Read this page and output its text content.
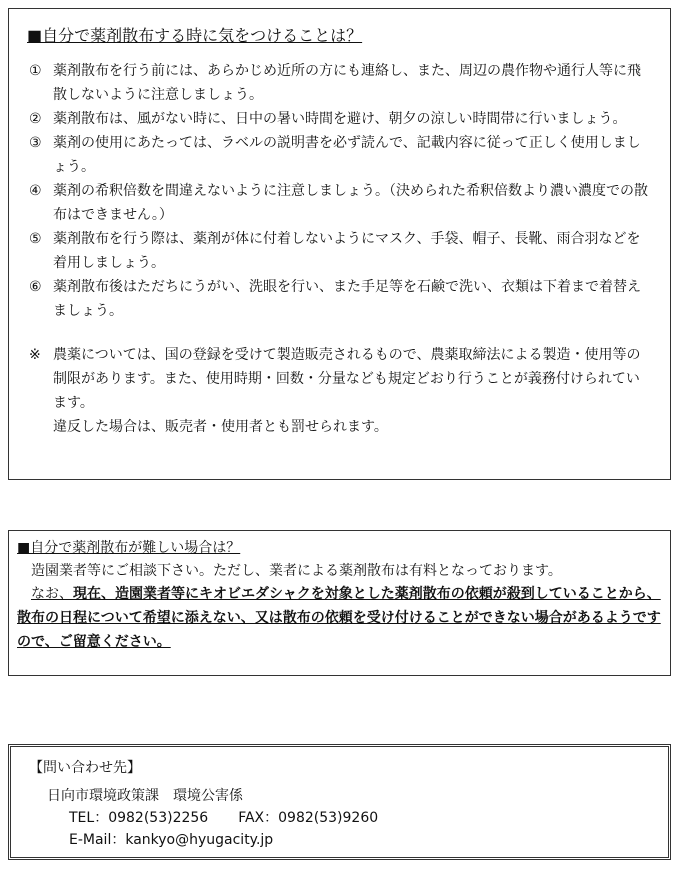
■自分で薬剤散布する時に気をつけることは？
① 薬剤散布を行う前には、あらかじめ近所の方にも連絡し、また、周辺の農作物や通行人等に飛散しないように注意しましょう。
② 薬剤散布は、風がない時に、日中の暑い時間を避け、朝夕の涼しい時間帯に行いましょう。
③ 薬剤の使用にあたっては、ラベルの説明書を必ず読んで、記載内容に従って正しく使用しましょう。
④ 薬剤の希釈倍数を間違えないように注意しましょう。（決められた希釈倍数より濃い濃度での散布はできません。）
⑤ 薬剤散布を行う際は、薬剤が体に付着しないようにマスク、手袋、帽子、長靴、雨合羽などを着用しましょう。
⑥ 薬剤散布後はただちにうがい、洗眼を行い、また手足等を石鹸で洗い、衣類は下着まで着替えましょう。
※ 農薬については、国の登録を受けて製造販売されるもので、農薬取締法による製造・使用等の制限があります。また、使用時期・回数・分量なども規定どおり行うことが義務付けられています。
違反した場合は、販売者・使用者とも罰せられます。
■自分で薬剤散布が難しい場合は？
造園業者等にご相談下さい。ただし、業者による薬剤散布は有料となっております。
なお、現在、造園業者等にキオビエダシャクを対象とした薬剤散布の依頼が殺到していることから、散布の日程について希望に添えない、又は散布の依頼を受け付けることができない場合があるようですので、ご留意ください。
【問い合わせ先】
日向市環境政策課　環境公害係
TEL：0982(53)2256 FAX：0982(53)9260
E-Mail：kankyo@hyugacity.jp
